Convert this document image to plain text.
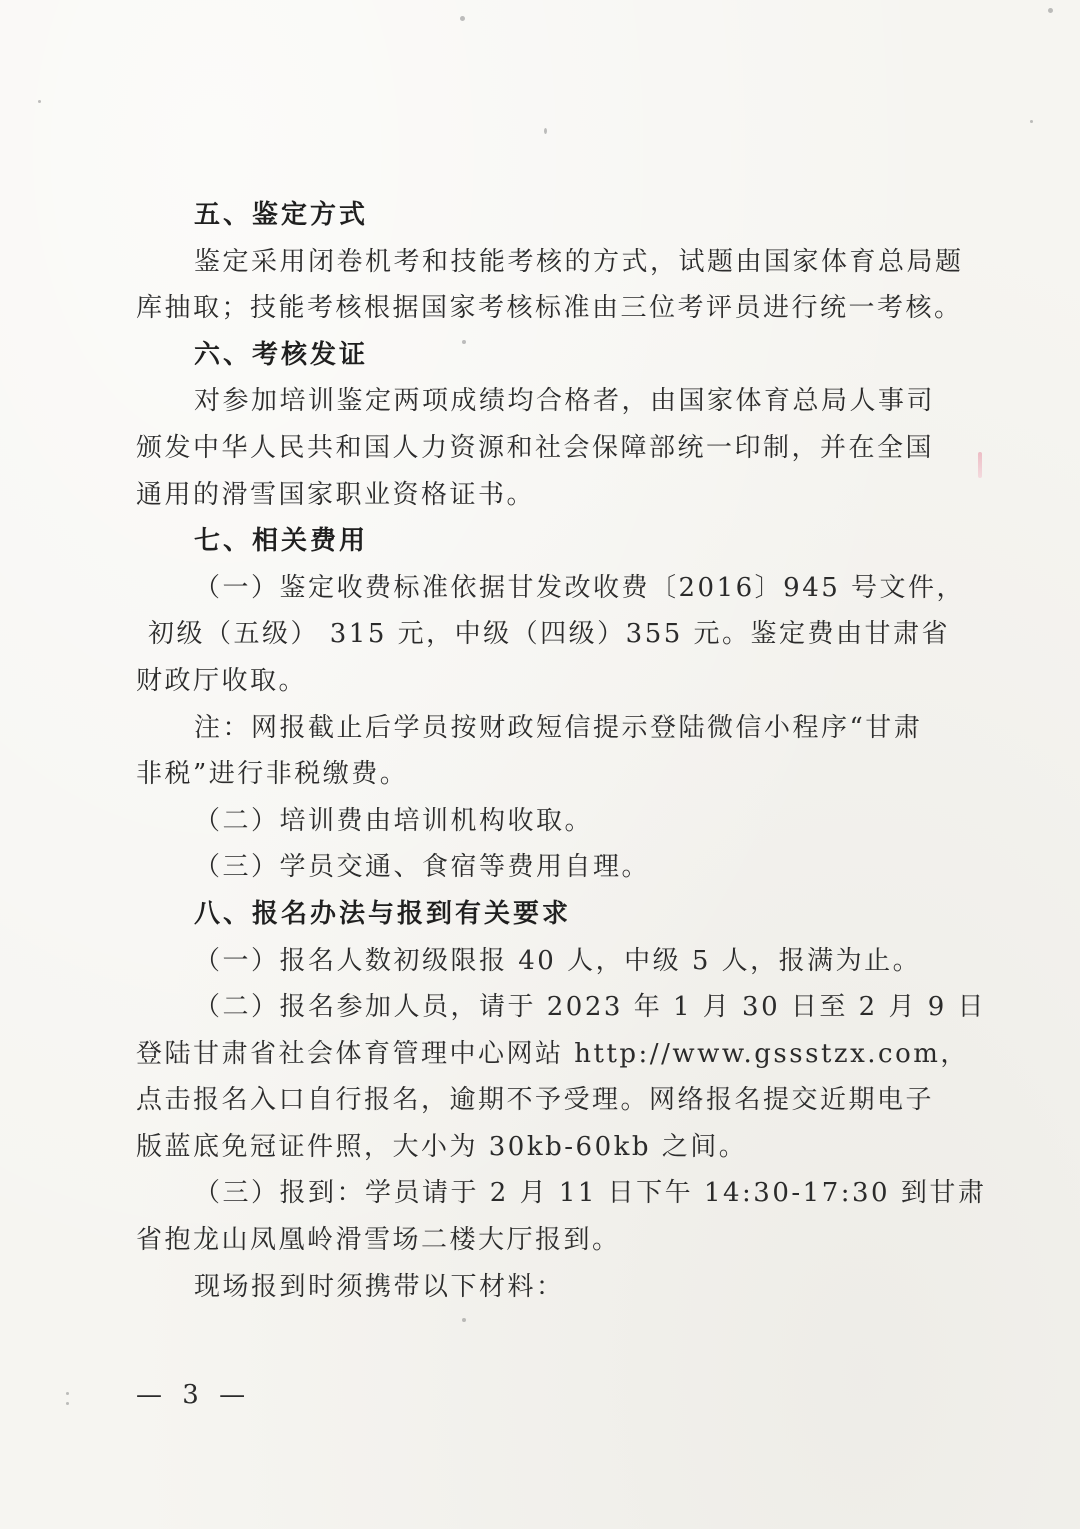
五、鉴定方式

鉴定采用闭卷机考和技能考核的方式，试题由国家体育总局题

库抽取；技能考核根据国家考核标准由三位考评员进行统一考核。

六、考核发证

对参加培训鉴定两项成绩均合格者，由国家体育总局人事司

颁发中华人民共和国人力资源和社会保障部统一印制，并在全国

通用的滑雪国家职业资格证书。

七、相关费用

（一）鉴定收费标准依据甘发改收费〔2016〕945 号文件，

初级（五级） 315 元，中级（四级）355 元。鉴定费由甘肃省

财政厅收取。

注：网报截止后学员按财政短信提示登陆微信小程序“甘肃

非税”进行非税缴费。

（二）培训费由培训机构收取。

（三）学员交通、食宿等费用自理。

八、报名办法与报到有关要求

（一）报名人数初级限报 40 人，中级 5 人，报满为止。

（二）报名参加人员，请于 2023 年 1 月 30 日至 2 月 9 日

登陆甘肃省社会体育管理中心网站 http://www.gssstzx.com，

点击报名入口自行报名，逾期不予受理。网络报名提交近期电子

版蓝底免冠证件照，大小为 30kb-60kb 之间。

（三）报到：学员请于 2 月 11 日下午 14:30-17:30 到甘肃

省抱龙山凤凰岭滑雪场二楼大厅报到。

现场报到时须携带以下材料：

— 3 —
